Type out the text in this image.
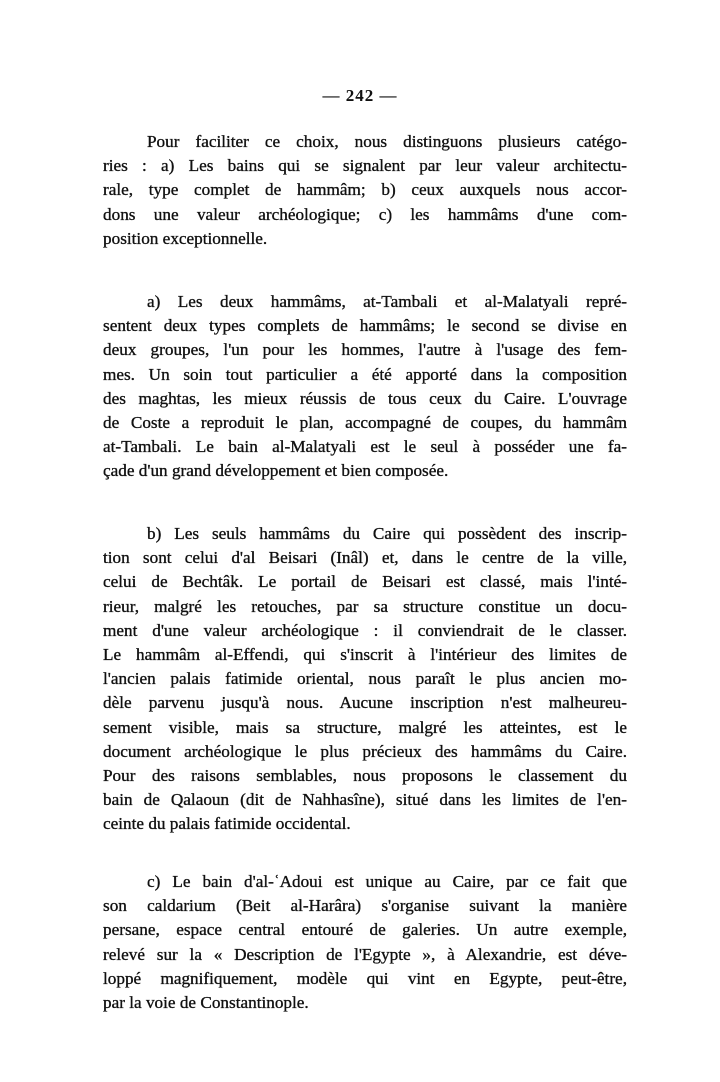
— 242 —
Pour faciliter ce choix, nous distinguons plusieurs catégo-
ries : a) Les bains qui se signalent par leur valeur architectu-
rale, type complet de hammâm; b) ceux auxquels nous accor-
dons une valeur archéologique; c) les hammâms d'une com-
position exceptionnelle.
a) Les deux hammâms, at-Tambali et al-Malatyali repré-
sentent deux types complets de hammâms; le second se divise en
deux groupes, l'un pour les hommes, l'autre à l'usage des fem-
mes. Un soin tout particulier a été apporté dans la composition
des maghtas, les mieux réussis de tous ceux du Caire. L'ouvrage
de Coste a reproduit le plan, accompagné de coupes, du hammâm
at-Tambali. Le bain al-Malatyali est le seul à posséder une fa-
çade d'un grand développement et bien composée.
b) Les seuls hammâms du Caire qui possèdent des inscrip-
tion sont celui d'al Beisari (Inâl) et, dans le centre de la ville,
celui de Bechtâk. Le portail de Beisari est classé, mais l'inté-
rieur, malgré les retouches, par sa structure constitue un docu-
ment d'une valeur archéologique : il conviendrait de le classer.
Le hammâm al-Effendi, qui s'inscrit à l'intérieur des limites de
l'ancien palais fatimide oriental, nous paraît le plus ancien mo-
dèle parvenu jusqu'à nous. Aucune inscription n'est malheureu-
sement visible, mais sa structure, malgré les atteintes, est le
document archéologique le plus précieux des hammâms du Caire.
Pour des raisons semblables, nous proposons le classement du
bain de Qalaoun (dit de Nahhasîne), situé dans les limites de l'en-
ceinte du palais fatimide occidental.
c) Le bain d'al-ʿAdoui est unique au Caire, par ce fait que
son caldarium (Beit al-Harâra) s'organise suivant la manière
persane, espace central entouré de galeries. Un autre exemple,
relevé sur la « Description de l'Egypte », à Alexandrie, est déve-
loppé magnifiquement, modèle qui vint en Egypte, peut-être,
par la voie de Constantinople.
